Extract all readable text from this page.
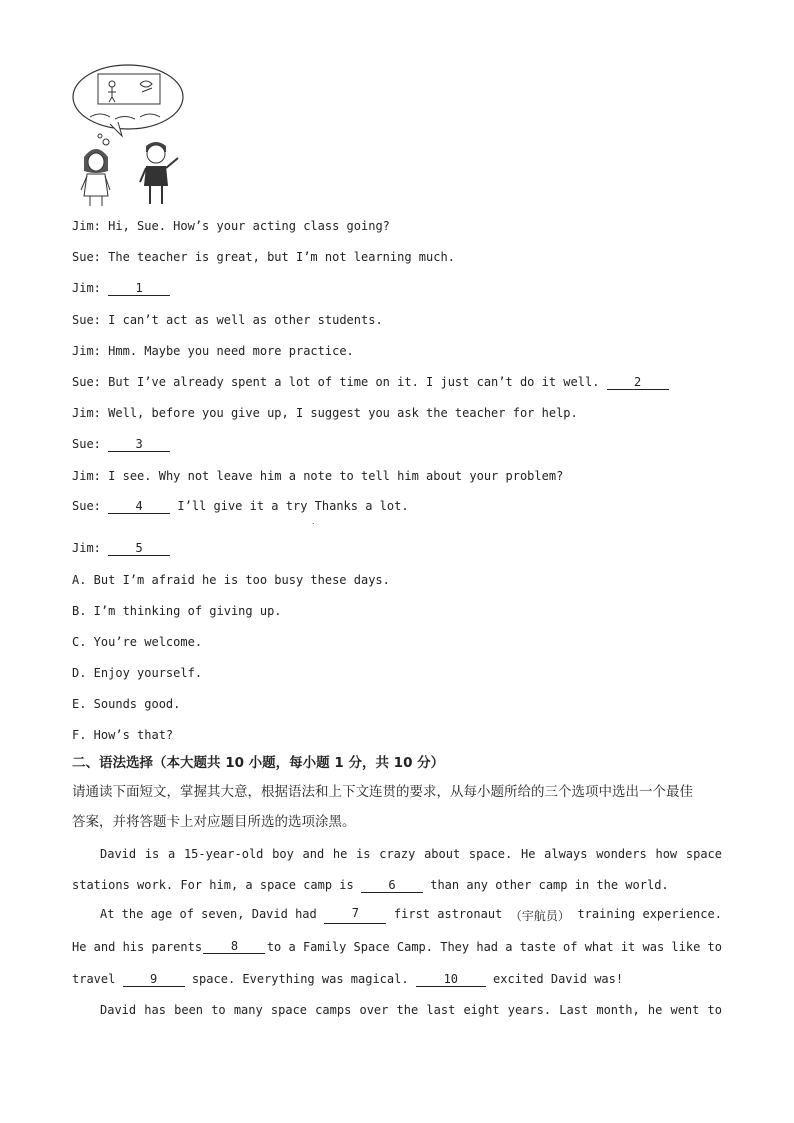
Jim: Hi, Sue. How’s your acting class going?
Sue: The teacher is great, but I’m not learning much.
Jim:	1
Sue: I can’t act as well as other students.
Jim: Hmm. Maybe you need more practice.
Sue: But I’ve already spent a lot of time on it. I just can’t do it well.	2
Jim: Well, before you give up, I suggest you ask the teacher for help.
Sue:	3
Jim: I see. Why not leave him a note to tell him about your problem?
Sue:	4	I’ll give it a try Thanks a lot.
.
Jim:	5
A. But I’m afraid he is too busy these days.
B. I’m thinking of giving up.
C. You’re welcome.
D. Enjoy yourself.
E. Sounds good.
F. How’s that?
二、语法选择（本大题共 10 小题，每小题 1 分，共 10 分）
请通读下面短文，掌握其大意，根据语法和上下文连贯的要求，从每小题所给的三个选项中选出一个最佳
答案，并将答题卡上对应题目所选的选项涂黑。
David is a 15-year-old boy and he is crazy about space. He always wonders how space
stations work. For him, a space camp is	6	than any other camp in the world.
At the age of seven, David had	7	first astronaut （宇航员） training experience.
He and his parents	8	to a Family Space Camp. They had a taste of what it was like to
travel	9	space. Everything was magical.	10	excited David was!
David has been to many space camps over the last eight years. Last month, he went to
